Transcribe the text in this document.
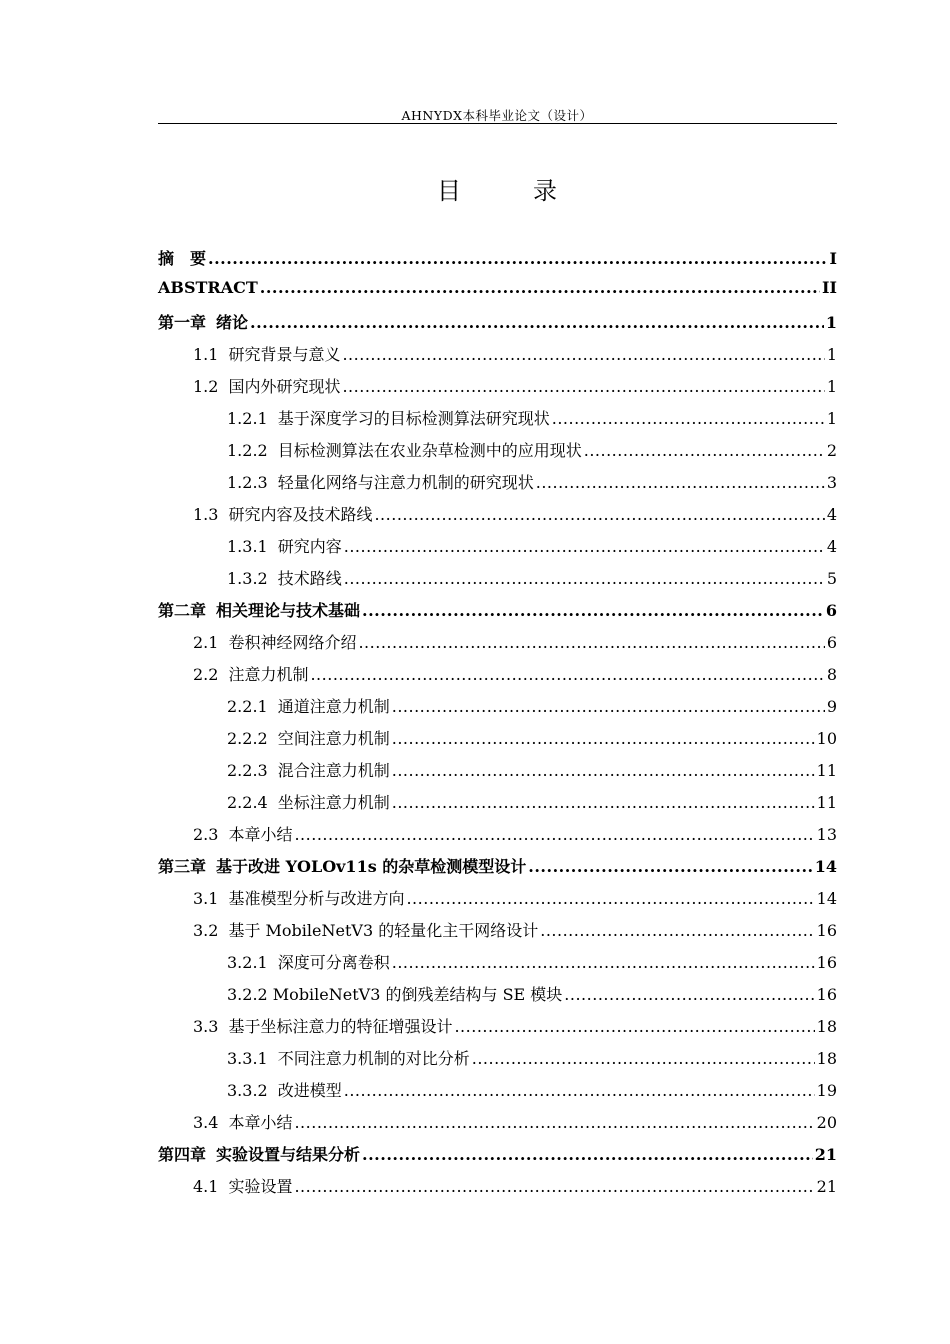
AHNYDX本科毕业论文（设计）
目　录
摘　要 .....	I
ABSTRACT .....	II
第一章 绪论 .....	1
1.1 研究背景与意义 .....	1
1.2 国内外研究现状 .....	1
1.2.1 基于深度学习的目标检测算法研究现状 .....	1
1.2.2 目标检测算法在农业杂草检测中的应用现状 .....	2
1.2.3 轻量化网络与注意力机制的研究现状 .....	3
1.3 研究内容及技术路线 .....	4
1.3.1 研究内容 .....	4
1.3.2 技术路线 .....	5
第二章 相关理论与技术基础 .....	6
2.1 卷积神经网络介绍 .....	6
2.2 注意力机制 .....	8
2.2.1 通道注意力机制 .....	9
2.2.2 空间注意力机制 .....	10
2.2.3 混合注意力机制 .....	11
2.2.4 坐标注意力机制 .....	11
2.3 本章小结 .....	13
第三章 基于改进 YOLOv11s 的杂草检测模型设计 .....	14
3.1 基准模型分析与改进方向 .....	14
3.2 基于 MobileNetV3 的轻量化主干网络设计 .....	16
3.2.1 深度可分离卷积 .....	16
3.2.2 MobileNetV3 的倒残差结构与 SE 模块 .....	16
3.3 基于坐标注意力的特征增强设计 .....	18
3.3.1 不同注意力机制的对比分析 .....	18
3.3.2 改进模型 .....	19
3.4 本章小结 .....	20
第四章 实验设置与结果分析 .....	21
4.1 实验设置 .....	21
